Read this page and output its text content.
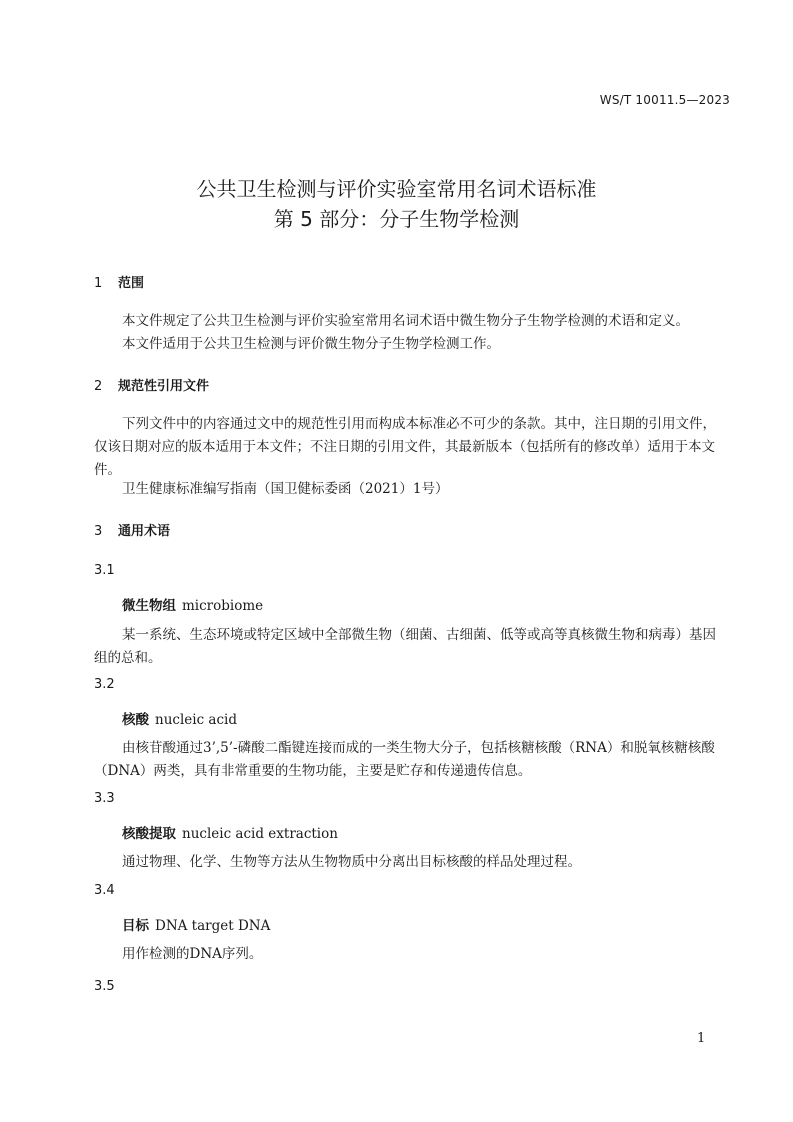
WS/T 10011.5—2023
公共卫生检测与评价实验室常用名词术语标准
第 5 部分：分子生物学检测
1 范围

本文件规定了公共卫生检测与评价实验室常用名词术语中微生物分子生物学检测的术语和定义。

本文件适用于公共卫生检测与评价微生物分子生物学检测工作。

2 规范性引用文件

下列文件中的内容通过文中的规范性引用而构成本标准必不可少的条款。其中，注日期的引用文件，仅该日期对应的版本适用于本文件；不注日期的引用文件，其最新版本（包括所有的修改单）适用于本文件。

卫生健康标准编写指南（国卫健标委函（2021）1号）

3 通用术语
3.1
微生物组 microbiome

某一系统、生态环境或特定区域中全部微生物（细菌、古细菌、低等或高等真核微生物和病毒）基因组的总和。

3.2
核酸 nucleic acid

由核苷酸通过3’,5’-磷酸二酯键连接而成的一类生物大分子，包括核糖核酸（RNA）和脱氧核糖核酸（DNA）两类，具有非常重要的生物功能，主要是贮存和传递遗传信息。

3.3
核酸提取 nucleic acid extraction

通过物理、化学、生物等方法从生物物质中分离出目标核酸的样品处理过程。

3.4
目标 DNA target DNA

用作检测的DNA序列。

3.5
1
